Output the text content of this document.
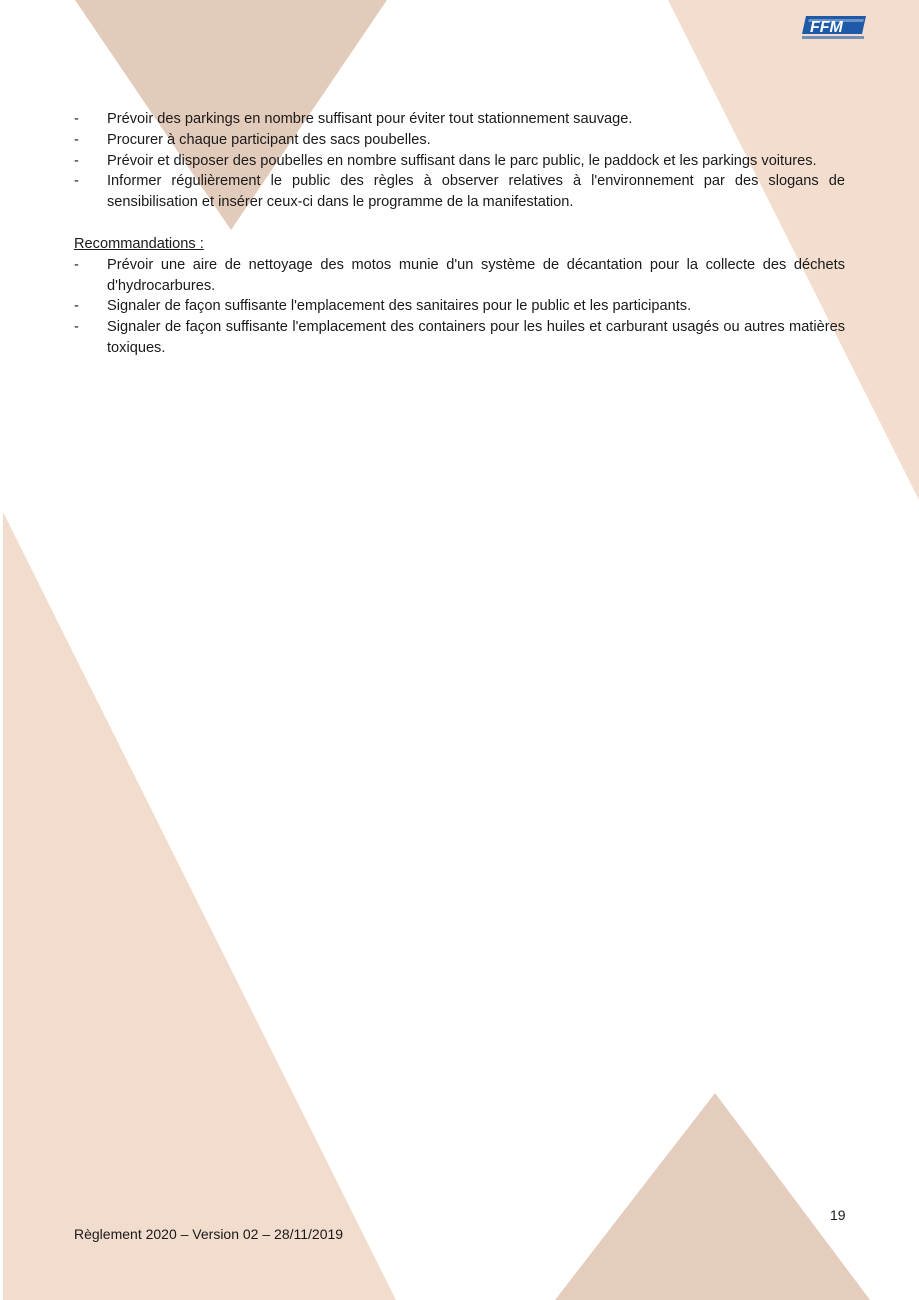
FFM
- Prévoir des parkings en nombre suffisant pour éviter tout stationnement sauvage.
- Procurer à chaque participant des sacs poubelles.
- Prévoir et disposer des poubelles en nombre suffisant dans le parc public, le paddock et les parkings voitures.
- Informer régulièrement le public des règles à observer relatives à l'environnement par des slogans de sensibilisation et insérer ceux-ci dans le programme de la manifestation.
Recommandations :
- Prévoir une aire de nettoyage des motos munie d'un système de décantation pour la collecte des déchets d'hydrocarbures.
- Signaler de façon suffisante l'emplacement des sanitaires pour le public et les participants.
- Signaler de façon suffisante l'emplacement des containers pour les huiles et carburant usagés ou autres matières toxiques.
19
Règlement 2020 – Version 02 – 28/11/2019
